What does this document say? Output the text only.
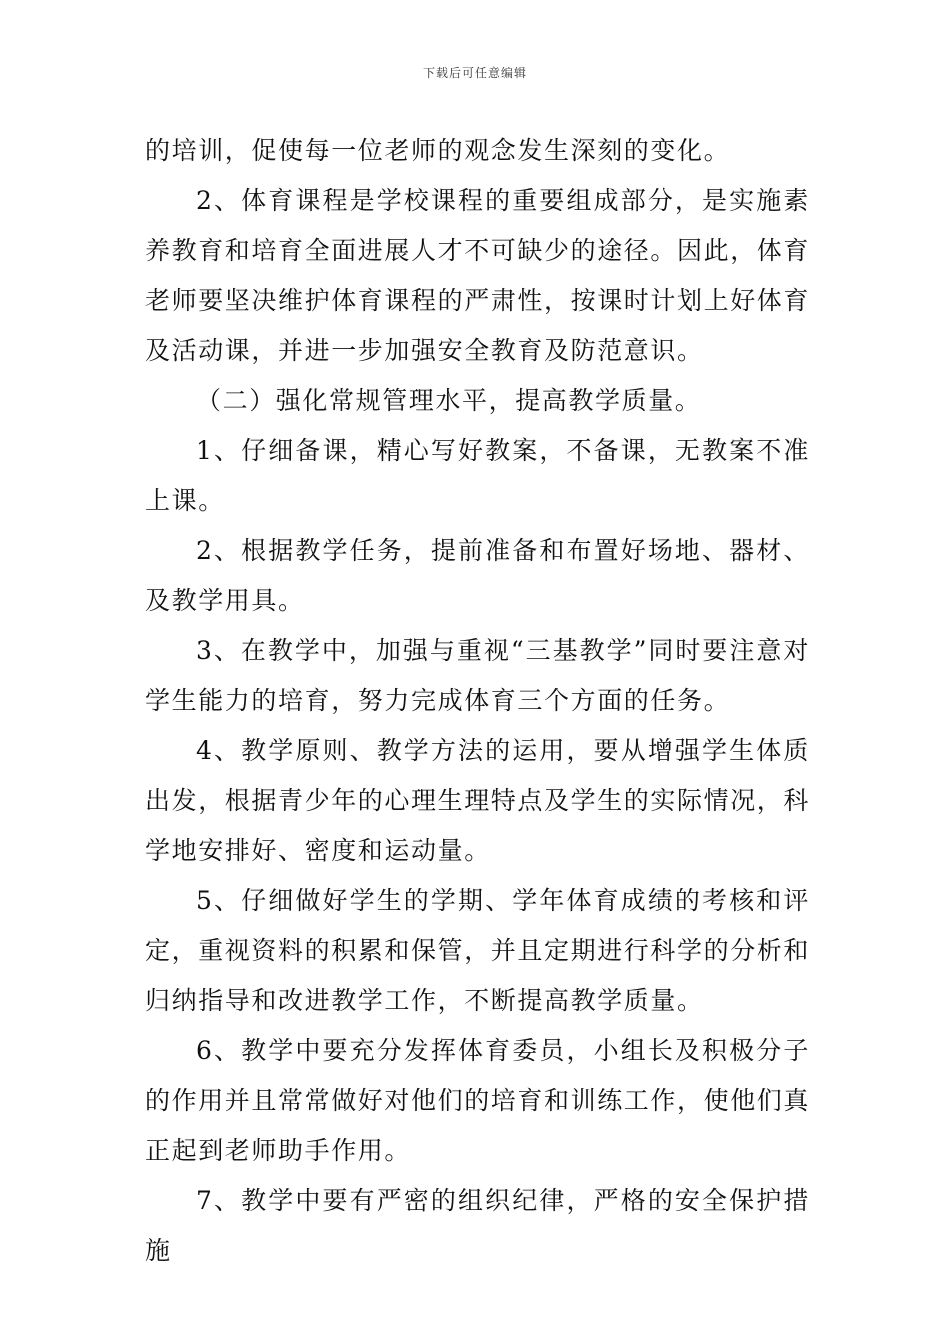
下载后可任意编辑

的培训，促使每一位老师的观念发生深刻的变化。

2、体育课程是学校课程的重要组成部分，是实施素养教育和培育全面进展人才不可缺少的途径。因此，体育老师要坚决维护体育课程的严肃性，按课时计划上好体育及活动课，并进一步加强安全教育及防范意识。

（二）强化常规管理水平，提高教学质量。

1、仔细备课，精心写好教案，不备课，无教案不准上课。

2、根据教学任务，提前准备和布置好场地、器材、及教学用具。

3、在教学中，加强与重视“三基教学”同时要注意对学生能力的培育，努力完成体育三个方面的任务。

4、教学原则、教学方法的运用，要从增强学生体质出发，根据青少年的心理生理特点及学生的实际情况，科学地安排好、密度和运动量。

5、仔细做好学生的学期、学年体育成绩的考核和评定，重视资料的积累和保管，并且定期进行科学的分析和归纳指导和改进教学工作，不断提高教学质量。

6、教学中要充分发挥体育委员，小组长及积极分子的作用并且常常做好对他们的培育和训练工作，使他们真正起到老师助手作用。

7、教学中要有严密的组织纪律，严格的安全保护措施
